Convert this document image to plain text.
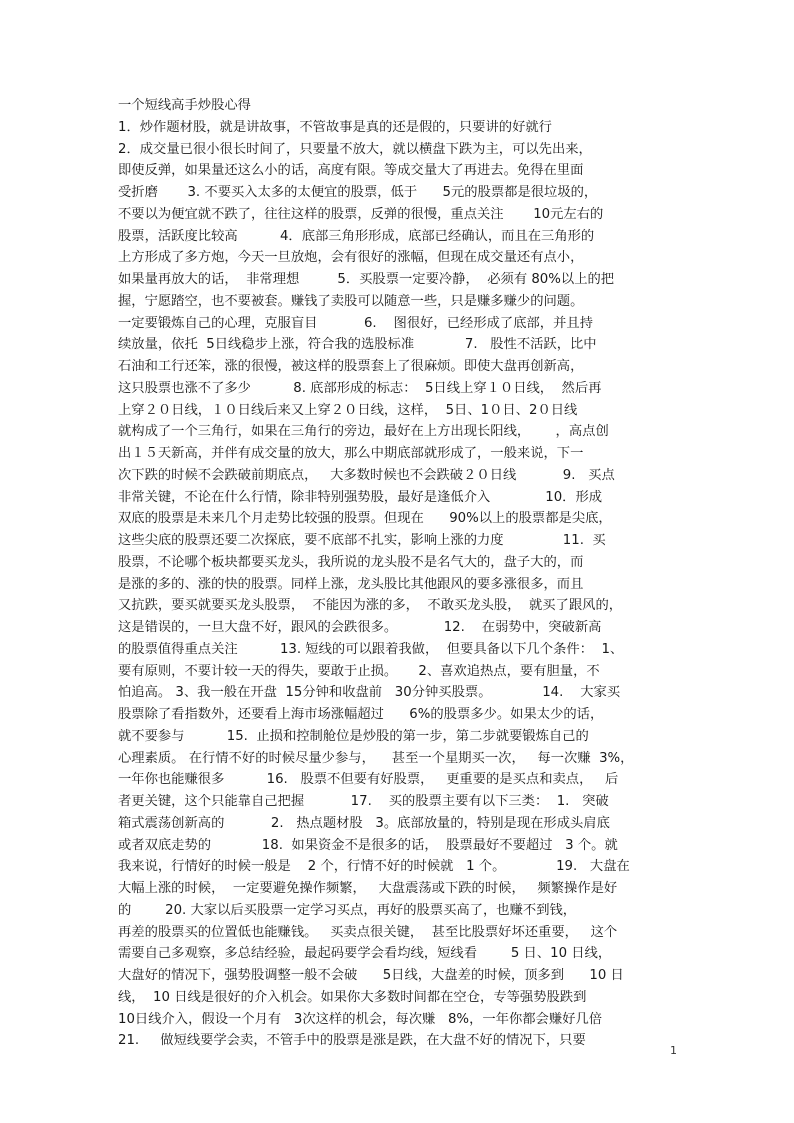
一个短线高手炒股心得
1．炒作题材股，就是讲故事，不管故事是真的还是假的，只要讲的好就行
2．成交量已很小很长时间了，只要量不放大，就以横盘下跌为主，可以先出来，
即使反弹，如果量还这么小的话，高度有限。等成交量大了再进去。免得在里面
受折磨       3. 不要买入太多的太便宜的股票，低于      5元的股票都是很垃圾的，
不要以为便宜就不跌了，往往这样的股票，反弹的很慢，重点关注       10元左右的
股票，活跃度比较高          4．底部三角形形成，底部已经确认，而且在三角形的
上方形成了多方炮，今天一旦放炮，会有很好的涨幅，但现在成交量还有点小，
如果量再放大的话，  非常理想         5．买股票一定要冷静，  必须有 80%以上的把
握，宁愿踏空，也不要被套。赚钱了卖股可以随意一些，只是赚多赚少的问题。
一定要锻炼自己的心理，克服盲目           6.    图很好，已经形成了底部，并且持
续放量，依托  5日线稳步上涨，符合我的选股标准            7.   股性不活跃，比中
石油和工行还笨，涨的很慢，被这样的股票套上了很麻烦。即使大盘再创新高，
这只股票也涨不了多少          8. 底部形成的标志：  5日线上穿１０日线，  然后再
上穿２０日线，１０日线后来又上穿２０日线，这样，  5日、1０日、2０日线
就构成了一个三角行，如果在三角行的旁边，最好在上方出现长阳线，      ，高点创
出１５天新高，并伴有成交量的放大，那么中期底部就形成了，一般来说，下一
次下跌的时候不会跌破前期底点，   大多数时候也不会跌破２０日线           9.   买点
非常关键，不论在什么行情，除非特别强势股，最好是逢低介入             10．形成
双底的股票是未来几个月走势比较强的股票。但现在      90%以上的股票都是尖底，
这些尖底的股票还要二次探底，要不底部不扎实，影响上涨的力度              11.  买
股票，不论哪个板块都要买龙头，我所说的龙头股不是名气大的，盘子大的，而
是涨的多的、涨的快的股票。同样上涨，龙头股比其他跟风的要多涨很多，而且
又抗跌，要买就要买龙头股票，  不能因为涨的多，  不敢买龙头股，  就买了跟风的，
这是错误的，一旦大盘不好，跟风的会跌很多。           12.    在弱势中，突破新高
的股票值得重点关注          13. 短线的可以跟着我做，  但要具备以下几个条件：  1、
要有原则，不要计较一天的得失，要敢于止损。     2、喜欢追热点，要有胆量，不
怕追高。 3、我一般在开盘  15分钟和收盘前   30分钟买股票。            14.    大家买
股票除了看指数外，还要看上海市场涨幅超过      6%的股票多少。如果太少的话，
就不要参与          15.  止损和控制舱位是炒股的第一步，第二步就要锻炼自己的
心理素质。 在行情不好的时候尽量少参与，    甚至一个星期买一次，   每一次赚  3%，
一年你也能赚很多          16.   股票不但要有好股票，   更重要的是买点和卖点，   后
者更关键，这个只能靠自己把握           17.    买的股票主要有以下三类：  1.   突破
箱式震荡创新高的           2.   热点题材股   3。底部放量的，特别是现在形成头肩底
或者双底走势的            18.  如果资金不是很多的话，  股票最好不要超过   3 个。就
我来说，行情好的时候一般是    2 个，行情不好的时候就   1 个。            19.   大盘在
大幅上涨的时候，  一定要避免操作频繁，   大盘震荡或下跌的时候，   频繁操作是好
的        20. 大家以后买股票一定学习买点，再好的股票买高了，也赚不到钱，
再差的股票买的位置低也能赚钱。   买卖点很关键，  甚至比股票好坏还重要，   这个
需要自己多观察，多总结经验，最起码要学会看均线，短线看        5 日、10 日线，
大盘好的情况下，强势股调整一般不会破      5日线，大盘差的时候，顶多到      10 日
线，  10 日线是很好的介入机会。如果你大多数时间都在空仓，专等强势股跌到
10日线介入，假设一个月有   3次这样的机会，每次赚   8%，一年你都会赚好几倍
21.     做短线要学会卖，不管手中的股票是涨是跌，在大盘不好的情况下，只要
1
